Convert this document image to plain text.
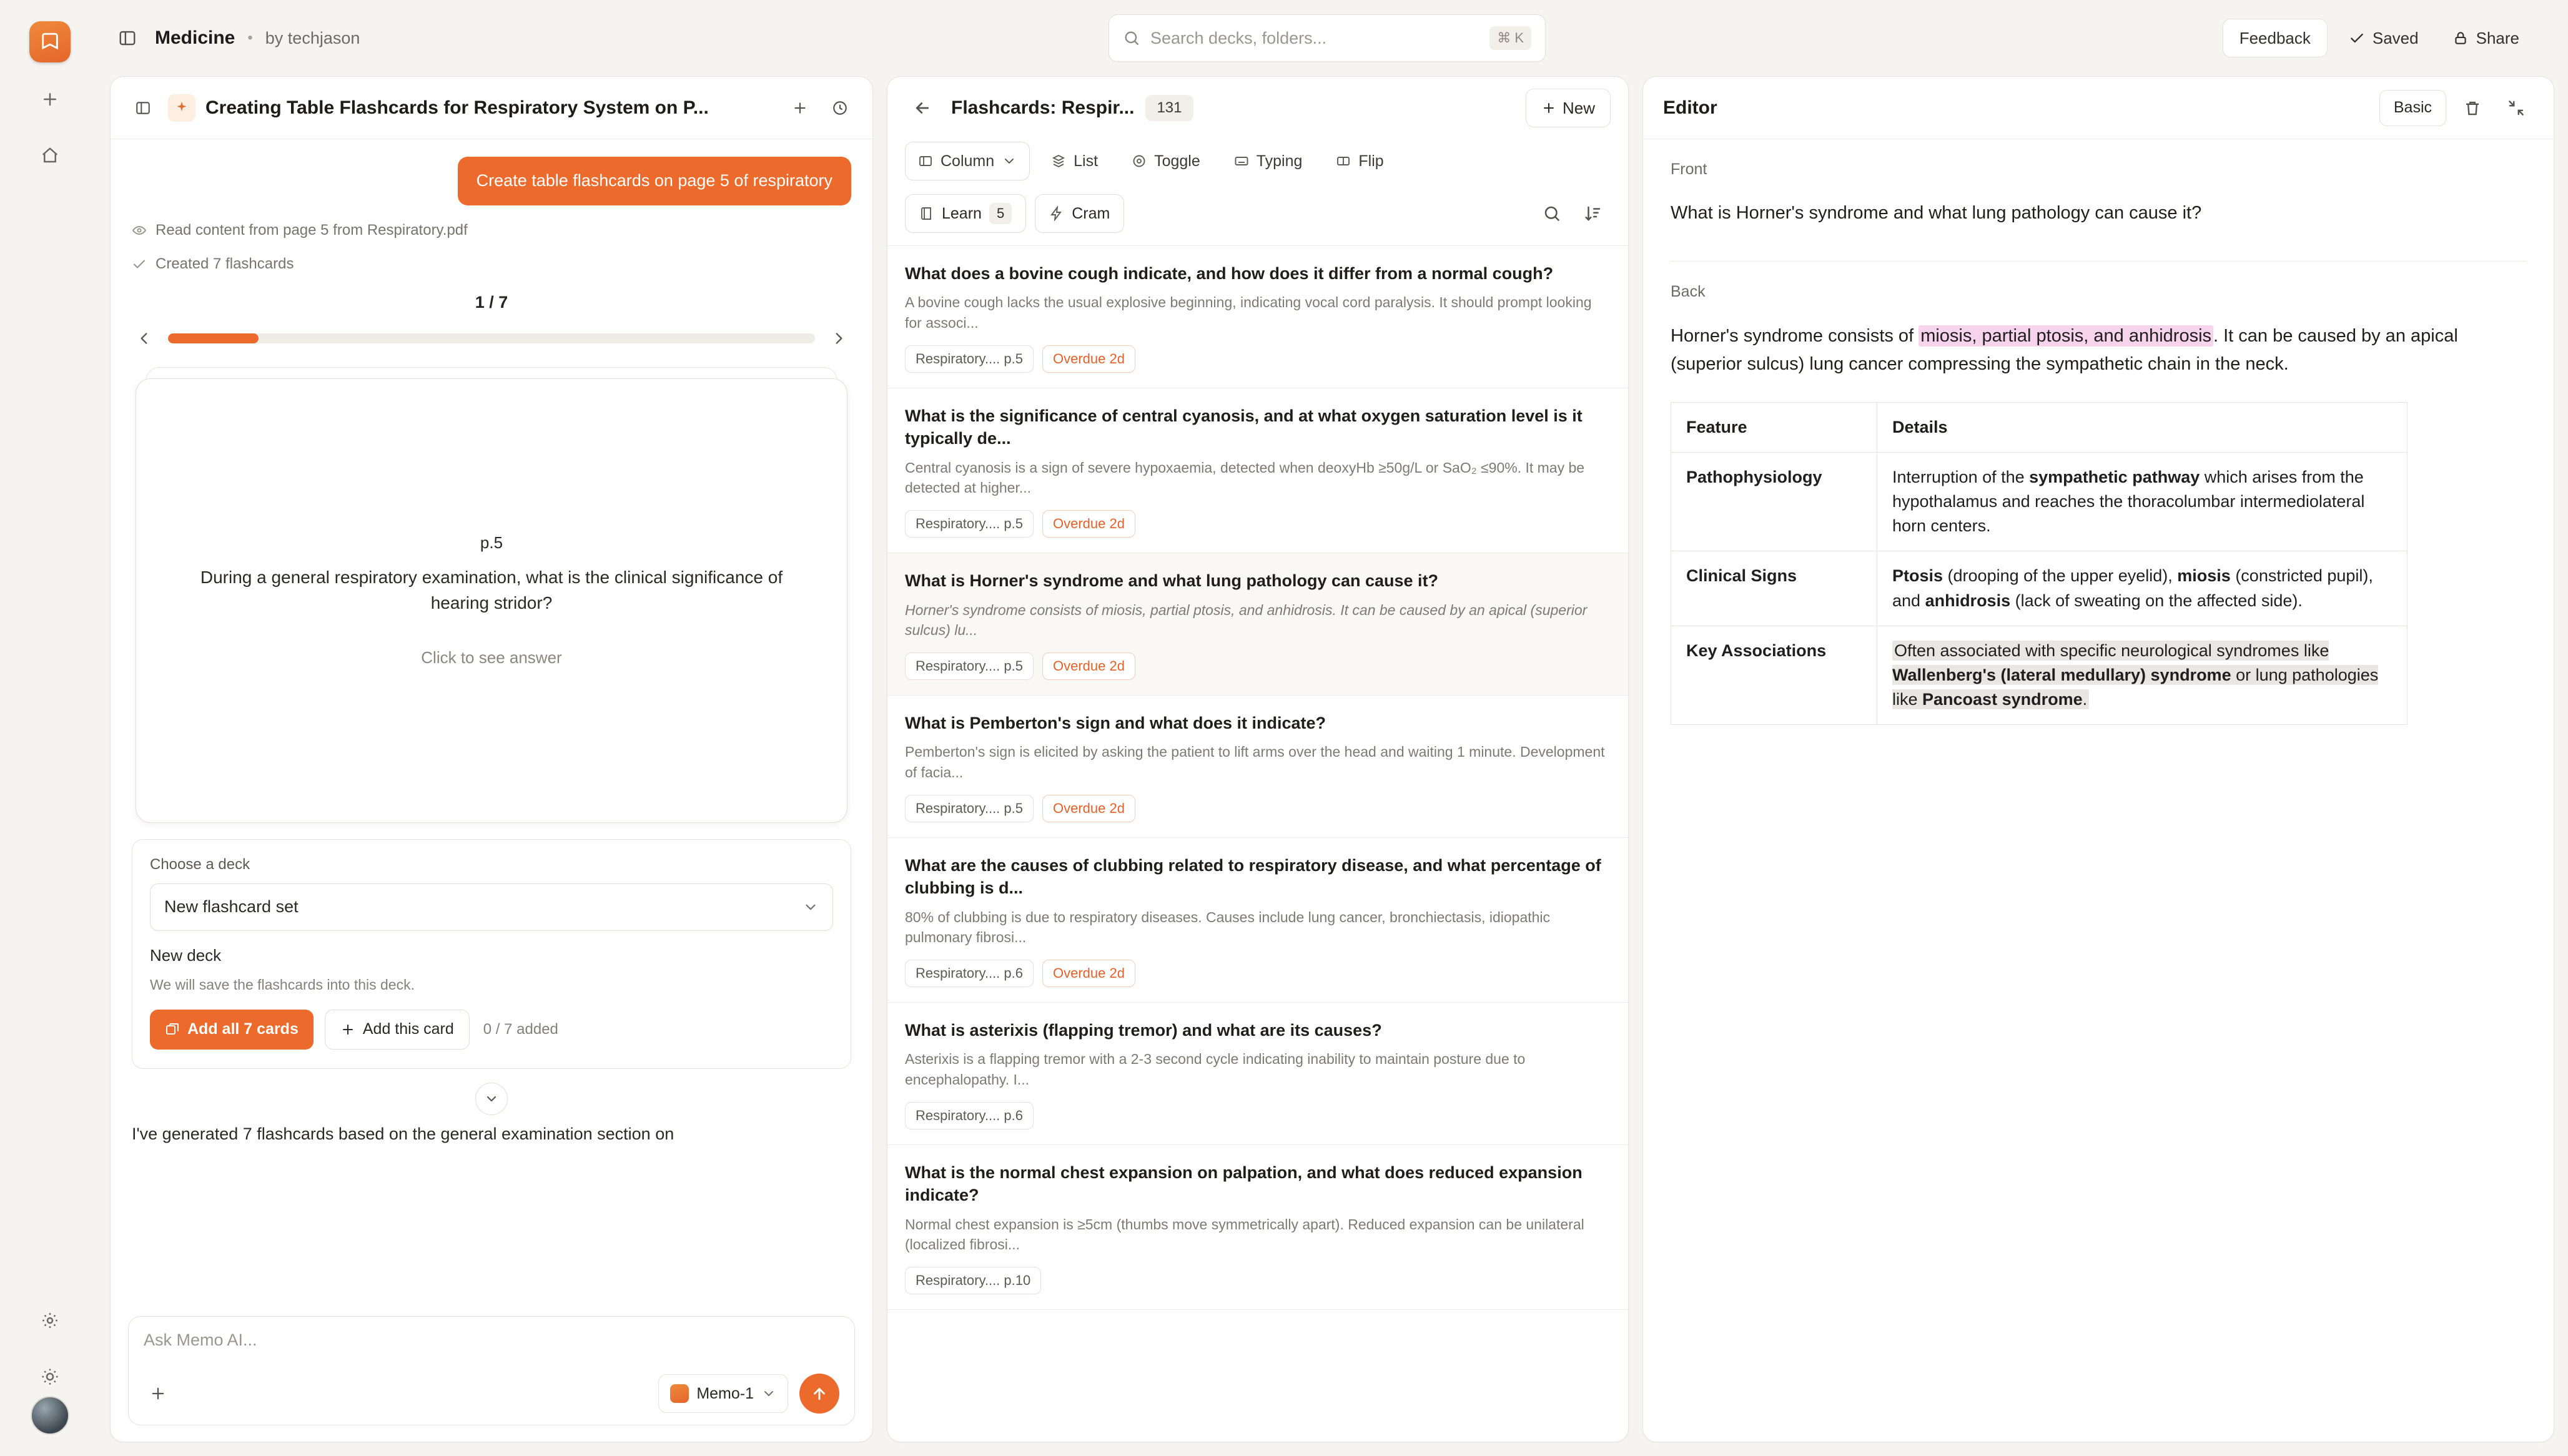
Medicine • by techjason
Search decks, folders...	⌘ K	Feedback	Saved	Share
Creating Table Flashcards for Respiratory System on P...
Create table flashcards on page 5 of respiratory
Read content from page 5 from Respiratory.pdf
Created 7 flashcards
1 / 7
p.5
During a general respiratory examination, what is the clinical significance of hearing stridor?
Click to see answer
Choose a deck
New flashcard set
New deck
We will save the flashcards into this deck.
Add all 7 cards	Add this card 0 / 7 added
I've generated 7 flashcards based on the general examination section on
Ask Memo AI...
Memo-1
Flashcards: Respir...	131	New
Column	List	Toggle	Typing	Flip
Learn	5	Cram
What does a bovine cough indicate, and how does it differ from a normal cough?
A bovine cough lacks the usual explosive beginning, indicating vocal cord paralysis. It should prompt looking for associ...
Respiratory.... p.5	Overdue 2d
What is the significance of central cyanosis, and at what oxygen saturation level is it typically de...
Central cyanosis is a sign of severe hypoxaemia, detected when deoxyHb ≥50g/L or SaO₂ ≤90%. It may be detected at higher...
Respiratory.... p.5	Overdue 2d
What is Horner's syndrome and what lung pathology can cause it?
Horner's syndrome consists of miosis, partial ptosis, and anhidrosis. It can be caused by an apical (superior sulcus) lu...
Respiratory.... p.5	Overdue 2d
What is Pemberton's sign and what does it indicate?
Pemberton's sign is elicited by asking the patient to lift arms over the head and waiting 1 minute. Development of facia...
Respiratory.... p.5	Overdue 2d
What are the causes of clubbing related to respiratory disease, and what percentage of clubbing is d...
80% of clubbing is due to respiratory diseases. Causes include lung cancer, bronchiectasis, idiopathic pulmonary fibrosi...
Respiratory.... p.6	Overdue 2d
What is asterixis (flapping tremor) and what are its causes?
Asterixis is a flapping tremor with a 2-3 second cycle indicating inability to maintain posture due to encephalopathy. I...
Respiratory.... p.6
What is the normal chest expansion on palpation, and what does reduced expansion indicate?
Normal chest expansion is ≥5cm (thumbs move symmetrically apart). Reduced expansion can be unilateral (localized fibrosi...
Respiratory.... p.10
Editor	Basic
Front
What is Horner's syndrome and what lung pathology can cause it?
Back
Horner's syndrome consists of miosis, partial ptosis, and anhidrosis . It can be caused by an apical (superior sulcus) lung cancer compressing the sympathetic chain in the neck.
Feature	Details
Pathophysiology	Interruption of the sympathetic pathway which arises from the hypothalamus and reaches the thoracolumbar intermediolateral horn centers.
Clinical Signs	Ptosis (drooping of the upper eyelid), miosis (constricted pupil), and anhidrosis (lack of sweating on the affected side).
Key Associations	Often associated with specific neurological syndromes like Wallenberg's (lateral medullary) syndrome or lung pathologies like Pancoast syndrome.
